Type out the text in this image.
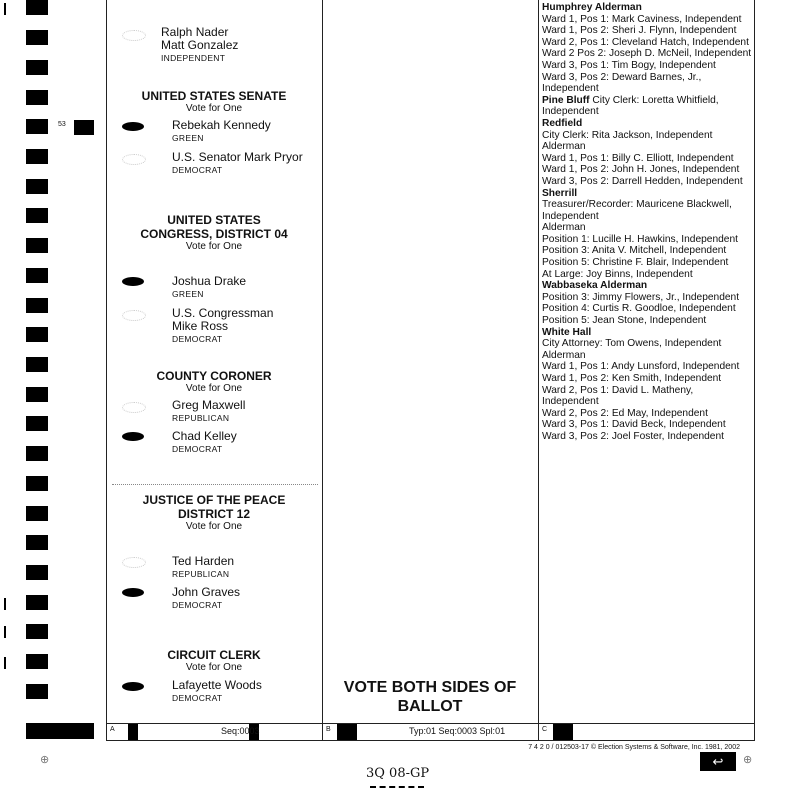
53
Ralph Nader
Matt Gonzalez
INDEPENDENT
UNITED STATES SENATE
Vote for One
Rebekah Kennedy
GREEN
U.S. Senator Mark Pryor
DEMOCRAT
UNITED STATES CONGRESS, DISTRICT 04
Vote for One
Joshua Drake
GREEN
U.S. Congressman Mike Ross
DEMOCRAT
COUNTY CORONER
Vote for One
Greg Maxwell
REPUBLICAN
Chad Kelley
DEMOCRAT
JUSTICE OF THE PEACE DISTRICT 12
Vote for One
Ted Harden
REPUBLICAN
John Graves
DEMOCRAT
CIRCUIT CLERK
Vote for One
Lafayette Woods
DEMOCRAT
VOTE BOTH SIDES OF BALLOT
Humphrey Alderman
Ward 1, Pos 1: Mark Caviness, Independent
Ward 1, Pos 2: Sheri J. Flynn, Independent
Ward 2, Pos 1: Cleveland Hatch, Independent
Ward 2 Pos 2: Joseph D. McNeil, Independent
Ward 3, Pos 1: Tim Bogy, Independent
Ward 3, Pos 2: Deward Barnes, Jr.,
Independent
Pine Bluff City Clerk: Loretta Whitfield,
Independent
Redfield
City Clerk: Rita Jackson, Independent
Alderman
Ward 1, Pos 1: Billy C. Elliott, Independent
Ward 1, Pos 2: John H. Jones, Independent
Ward 3, Pos 2: Darrell Hedden, Independent
Sherrill
Treasurer/Recorder: Mauricene Blackwell,
Independent
Alderman
Position 1: Lucille H. Hawkins, Independent
Position 3: Anita V. Mitchell, Independent
Position 5: Christine F. Blair, Independent
At Large: Joy Binns, Independent
Wabbaseka Alderman
Position 3: Jimmy Flowers, Jr., Independent
Position 4: Curtis R. Goodloe, Independent
Position 5: Jean Stone, Independent
White Hall
City Attorney: Tom Owens, Independent
Alderman
Ward 1, Pos 1: Andy Lunsford, Independent
Ward 1, Pos 2: Ken Smith, Independent
Ward 2, Pos 1: David L. Matheny,
Independent
Ward 2, Pos 2: Ed May, Independent
Ward 3, Pos 1: David Beck, Independent
Ward 3, Pos 2: Joel Foster, Independent
A	Seq:0003	B	Typ:01 Seq:0003 Spl:01	C
7 4 2 0 / 012503-17 © Election Systems & Software, Inc. 1981, 2002
↩
⊕	⊕
3Q 08-GP
